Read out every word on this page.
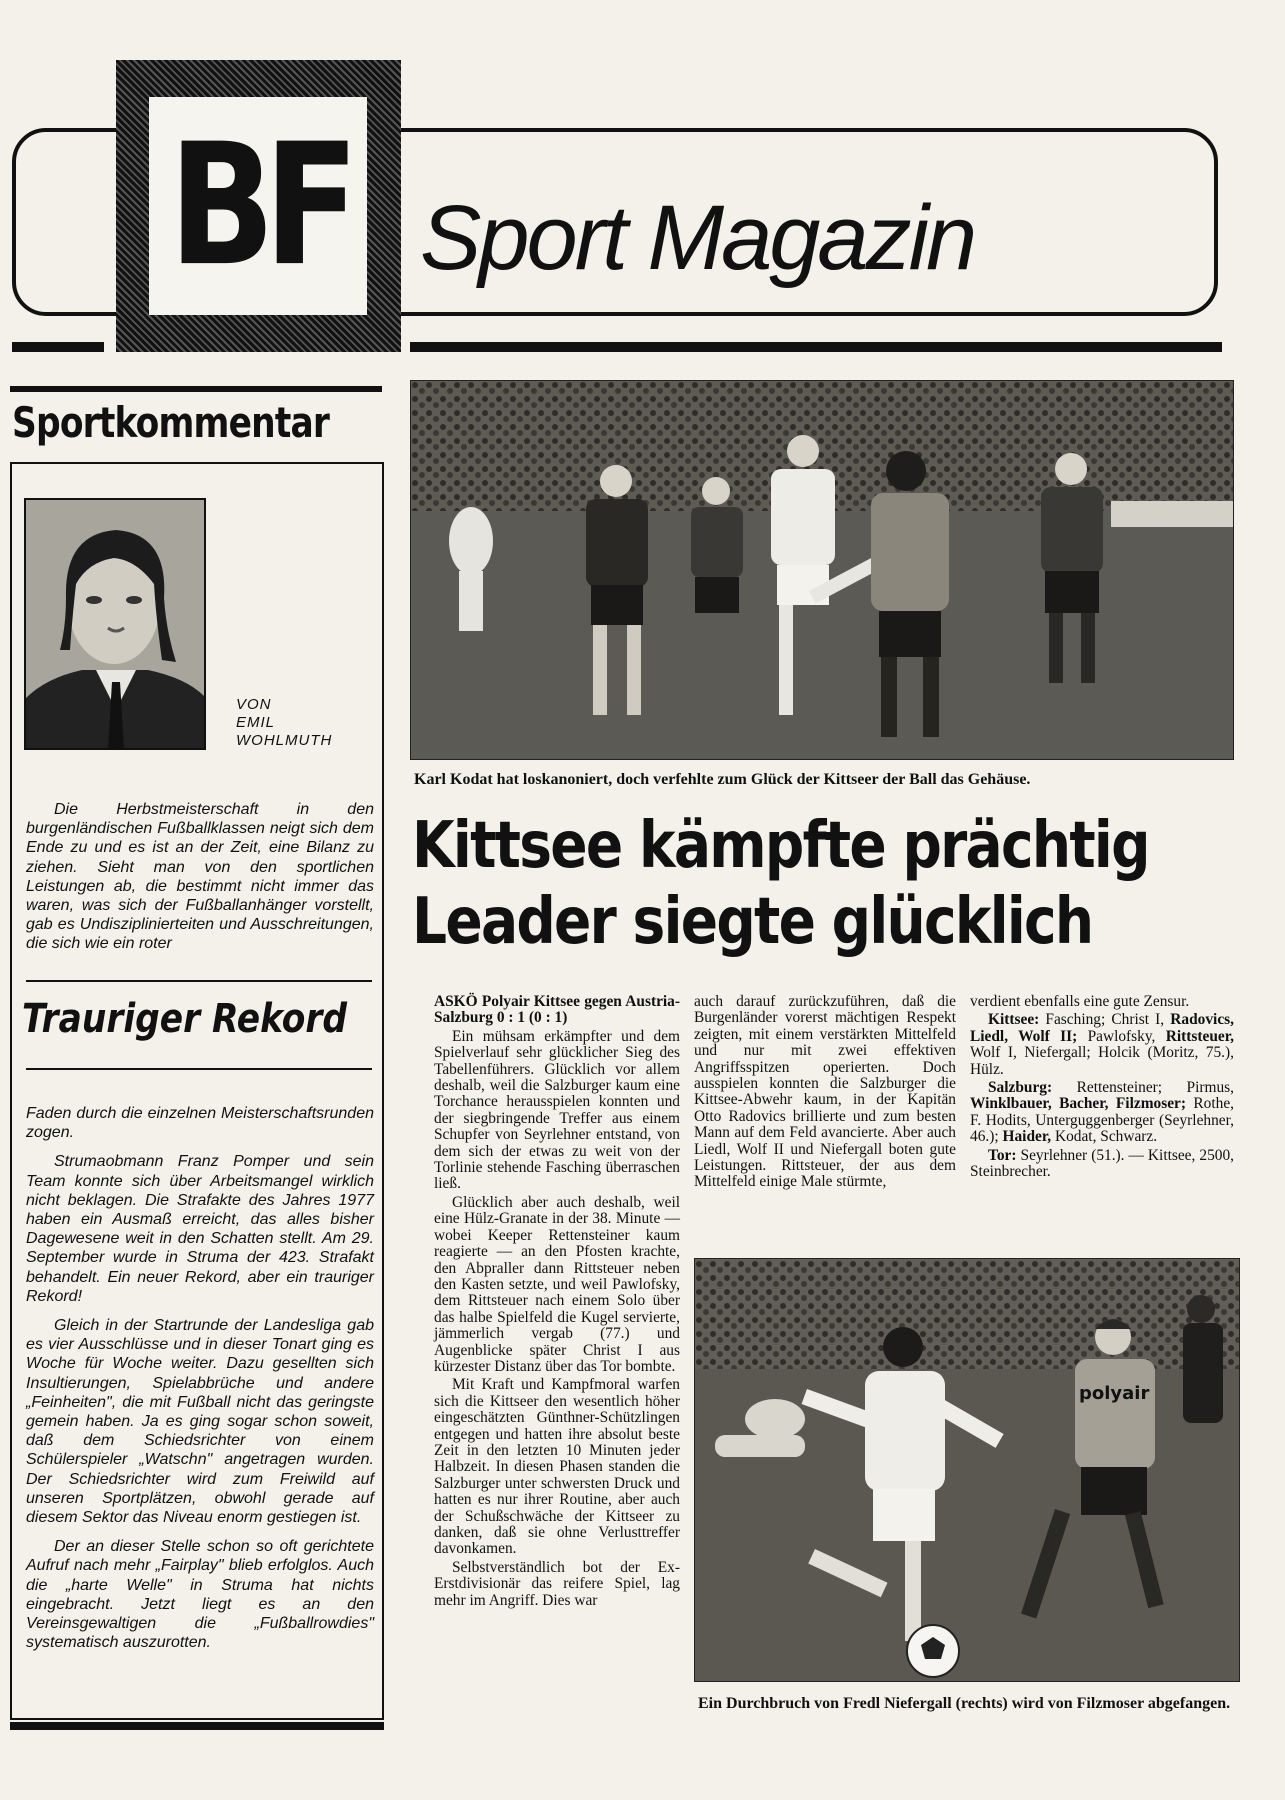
BF Sport Magazin
Sportkommentar
VON
EMIL
WOHLMUTH

Die Herbstmeisterschaft in den burgenländischen Fußballklassen neigt sich dem Ende zu und es ist an der Zeit, eine Bilanz zu ziehen. Sieht man von den sportlichen Leistungen ab, die bestimmt nicht immer das waren, was sich der Fußballanhänger vorstellt, gab es Undisziplinierteiten und Ausschreitungen, die sich wie ein roter

Trauriger Rekord

Faden durch die einzelnen Meisterschaftsrunden zogen.

Strumaobmann Franz Pomper und sein Team konnte sich über Arbeitsmangel wirklich nicht beklagen. Die Strafakte des Jahres 1977 haben ein Ausmaß erreicht, das alles bisher Dagewesene weit in den Schatten stellt. Am 29. September wurde in Struma der 423. Strafakt behandelt. Ein neuer Rekord, aber ein trauriger Rekord!

Gleich in der Startrunde der Landesliga gab es vier Ausschlüsse und in dieser Tonart ging es Woche für Woche weiter. Dazu gesellten sich Insultierungen, Spielabbrüche und andere „Feinheiten", die mit Fußball nicht das geringste gemein haben. Ja es ging sogar schon soweit, daß dem Schiedsrichter von einem Schülerspieler „Watschn" angetragen wurden. Der Schiedsrichter wird zum Freiwild auf unseren Sportplätzen, obwohl gerade auf diesem Sektor das Niveau enorm gestiegen ist.

Der an dieser Stelle schon so oft gerichtete Aufruf nach mehr „Fairplay" blieb erfolglos. Auch die „harte Welle" in Struma hat nichts eingebracht. Jetzt liegt es an den Vereinsgewaltigen die „Fußballrowdies" systematisch auszurotten.

Karl Kodat hat loskanoniert, doch verfehlte zum Glück der Kittseer der Ball das Gehäuse.
Kittsee kämpfte prächtig
Leader siegte glücklich

ASKÖ Polyair Kittsee gegen Austria-Salzburg 0 : 1 (0 : 1)

Ein mühsam erkämpfter und dem Spielverlauf sehr glücklicher Sieg des Tabellenführers. Glücklich vor allem deshalb, weil die Salzburger kaum eine Torchance herausspielen konnten und der siegbringende Treffer aus einem Schupfer von Seyrlehner entstand, von dem sich der etwas zu weit von der Torlinie stehende Fasching überraschen ließ.

Glücklich aber auch deshalb, weil eine Hülz-Granate in der 38. Minute — wobei Keeper Rettensteiner kaum reagierte — an den Pfosten krachte, den Abpraller dann Rittsteuer neben den Kasten setzte, und weil Pawlofsky, dem Rittsteuer nach einem Solo über das halbe Spielfeld die Kugel servierte, jämmerlich vergab (77.) und Augenblicke später Christ I aus kürzester Distanz über das Tor bombte.

Mit Kraft und Kampfmoral warfen sich die Kittseer den wesentlich höher eingeschätzten Günthner-Schützlingen entgegen und hatten ihre absolut beste Zeit in den letzten 10 Minuten jeder Halbzeit. In diesen Phasen standen die Salzburger unter schwersten Druck und hatten es nur ihrer Routine, aber auch der Schußschwäche der Kittseer zu danken, daß sie ohne Verlusttreffer davonkamen.

Selbstverständlich bot der Ex-Erstdivisionär das reifere Spiel, lag mehr im Angriff. Dies war

auch darauf zurückzuführen, daß die Burgenländer vorerst mächtigen Respekt zeigten, mit einem verstärkten Mittelfeld und nur mit zwei effektiven Angriffsspitzen operierten. Doch ausspielen konnten die Salzburger die Kittsee-Abwehr kaum, in der Kapitän Otto Radovics brillierte und zum besten Mann auf dem Feld avancierte. Aber auch Liedl, Wolf II und Niefergall boten gute Leistungen. Rittsteuer, der aus dem Mittelfeld einige Male stürmte,

verdient ebenfalls eine gute Zensur.

Kittsee: Fasching; Christ I, Radovics, Liedl, Wolf II; Pawlofsky, Rittsteuer, Wolf I, Niefergall; Holcik (Moritz, 75.), Hülz.

Salzburg: Rettensteiner; Pirmus, Winklbauer, Bacher, Filzmoser; Rothe, F. Hodits, Unterguggenberger (Seyrlehner, 46.); Haider, Kodat, Schwarz.

Tor: Seyrlehner (51.). — Kittsee, 2500, Steinbrecher.

polyair
Ein Durchbruch von Fredl Niefergall (rechts) wird von Filzmoser abgefangen.
